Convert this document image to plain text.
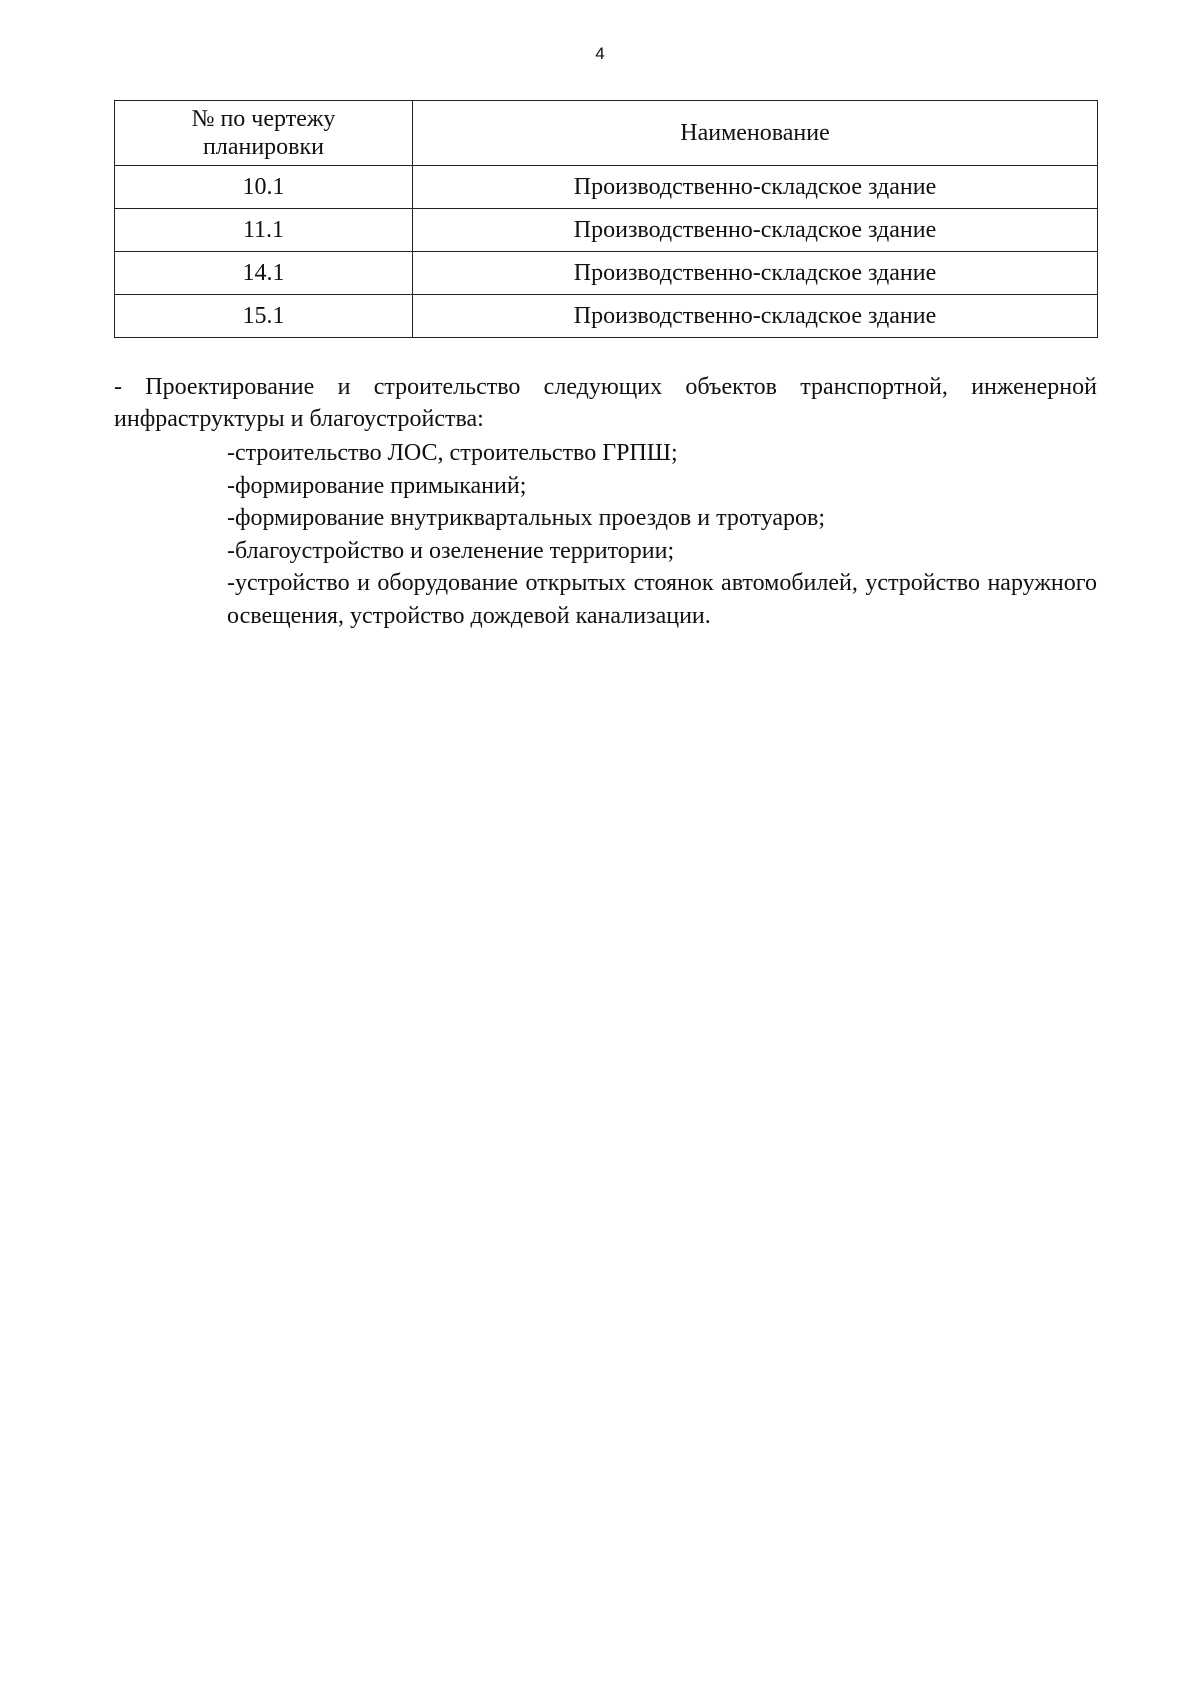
4
№ по чертежу
планировки	Наименование
10.1	Производственно-складское здание
11.1	Производственно-складское здание
14.1	Производственно-складское здание
15.1	Производственно-складское здание

- Проектирование и строительство следующих объектов транспортной, инженерной инфраструктуры и благоустройства:

-строительство ЛОС, строительство ГРПШ;
-формирование примыканий;
-формирование внутриквартальных проездов и тротуаров;
-благоустройство и озеленение территории;
-устройство и оборудование открытых стоянок автомобилей, устройство наружного освещения, устройство дождевой канализации.
